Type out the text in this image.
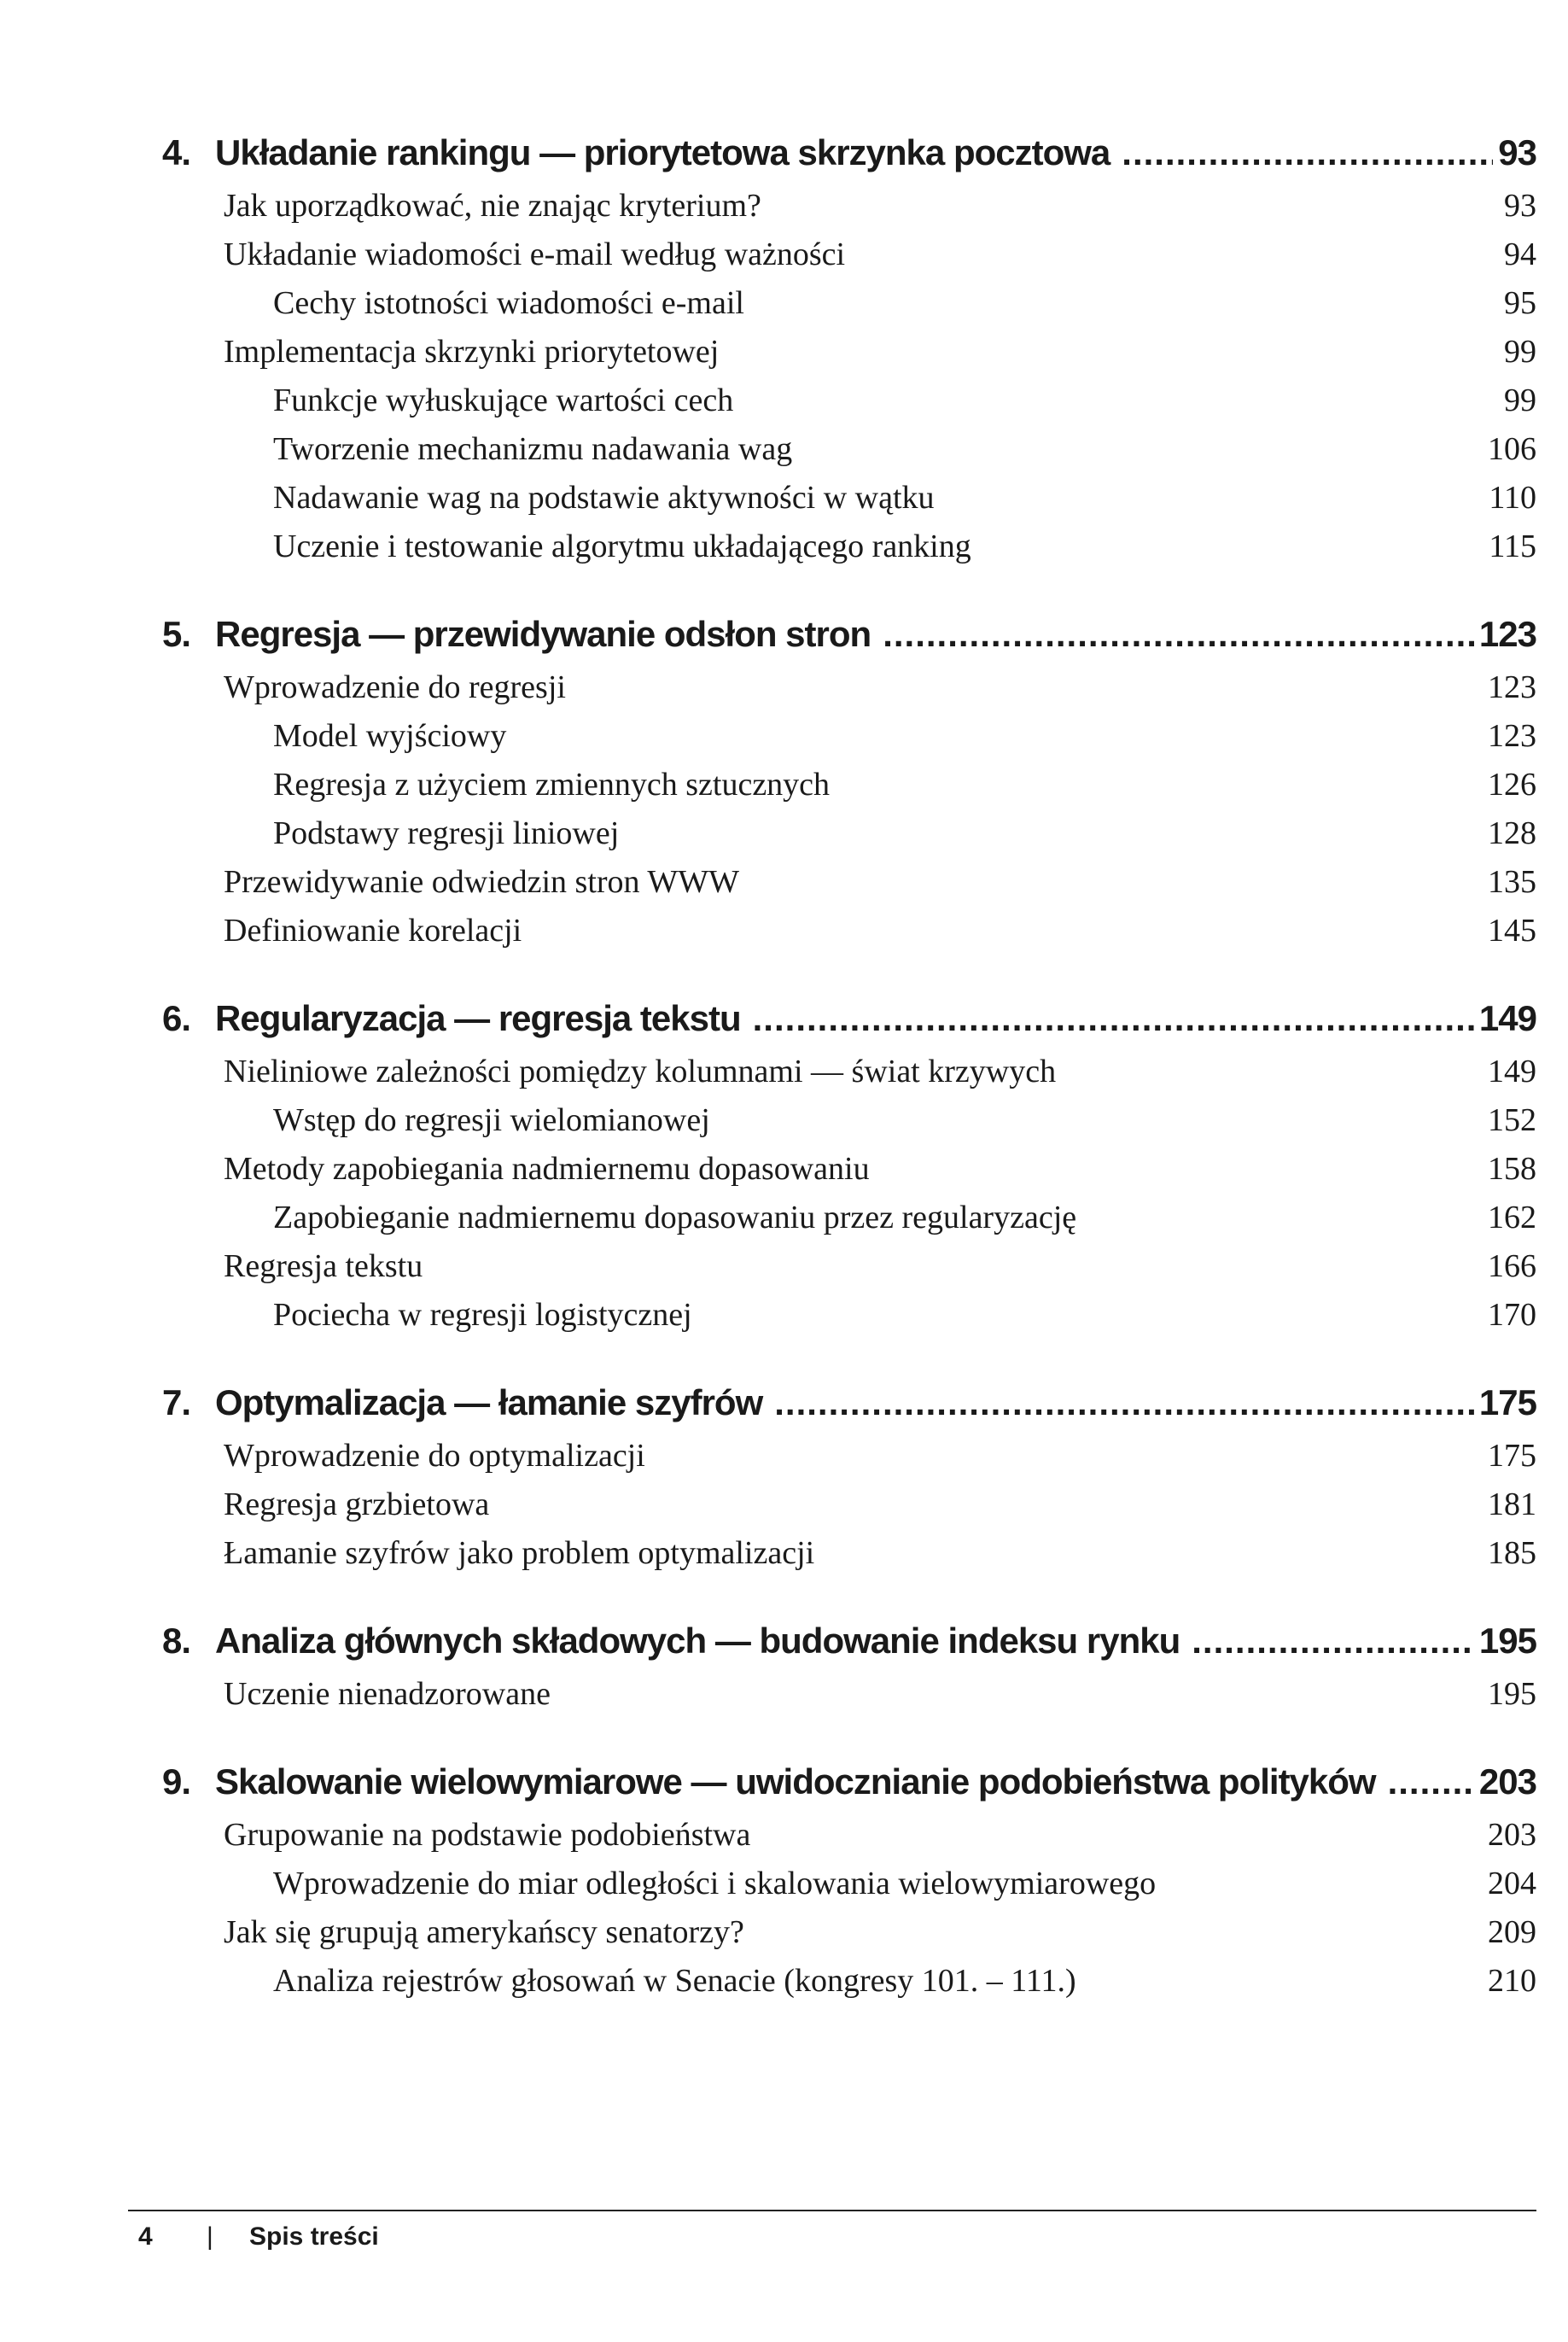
4. Układanie rankingu — priorytetowa skrzynka pocztowa .....	93
Jak uporządkować, nie znając kryterium?	93
Układanie wiadomości e-mail według ważności	94
Cechy istotności wiadomości e-mail	95
Implementacja skrzynki priorytetowej	99
Funkcje wyłuskujące wartości cech	99
Tworzenie mechanizmu nadawania wag	106
Nadawanie wag na podstawie aktywności w wątku	110
Uczenie i testowanie algorytmu układającego ranking	115
5. Regresja — przewidywanie odsłon stron .....	123
Wprowadzenie do regresji	123
Model wyjściowy	123
Regresja z użyciem zmiennych sztucznych	126
Podstawy regresji liniowej	128
Przewidywanie odwiedzin stron WWW	135
Definiowanie korelacji	145
6. Regularyzacja — regresja tekstu .....	149
Nieliniowe zależności pomiędzy kolumnami — świat krzywych	149
Wstęp do regresji wielomianowej	152
Metody zapobiegania nadmiernemu dopasowaniu	158
Zapobieganie nadmiernemu dopasowaniu przez regularyzację	162
Regresja tekstu	166
Pociecha w regresji logistycznej	170
7. Optymalizacja — łamanie szyfrów .....	175
Wprowadzenie do optymalizacji	175
Regresja grzbietowa	181
Łamanie szyfrów jako problem optymalizacji	185
8. Analiza głównych składowych — budowanie indeksu rynku .....	195
Uczenie nienadzorowane	195
9. Skalowanie wielowymiarowe — uwidocznianie podobieństwa polityków .....	203
Grupowanie na podstawie podobieństwa	203
Wprowadzenie do miar odległości i skalowania wielowymiarowego	204
Jak się grupują amerykańscy senatorzy?	209
Analiza rejestrów głosowań w Senacie (kongresy 101. – 111.)	210
4	|	Spis treści
